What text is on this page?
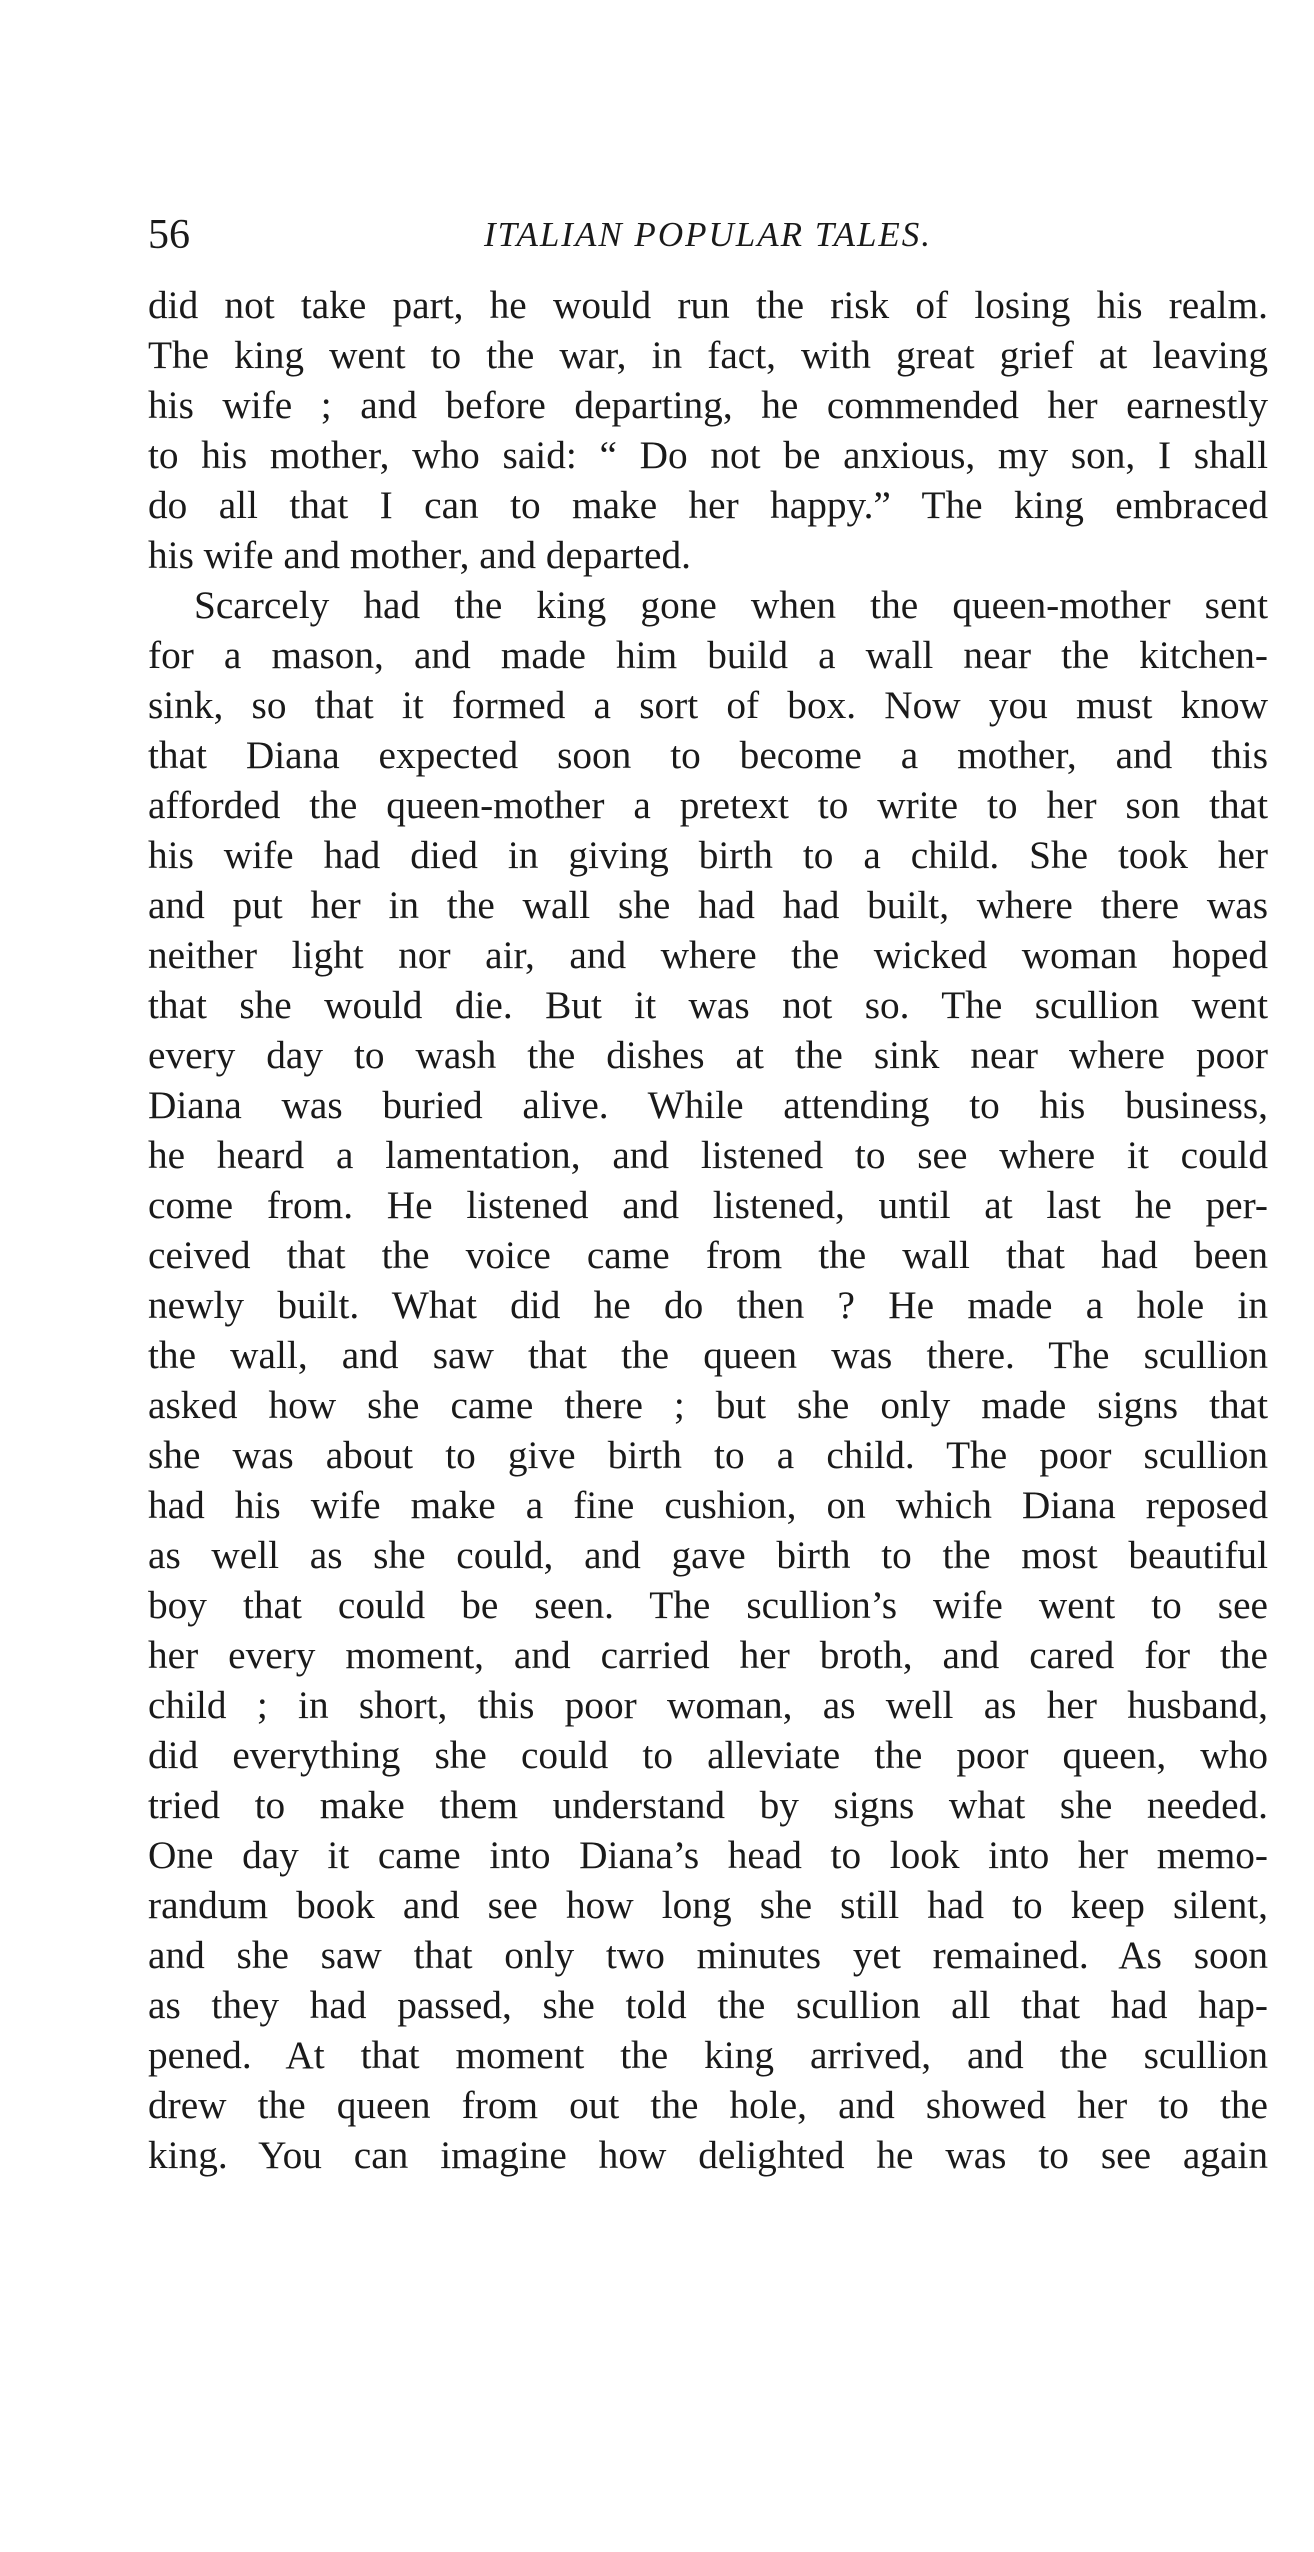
56	ITALIAN POPULAR TALES.

did not take part, he would run the risk of losing his realm.
The king went to the war, in fact, with great grief at leaving
his wife ; and before departing, he commended her earnestly
to his mother, who said: “ Do not be anxious, my son, I shall
do all that I can to make her happy.” The king embraced
his wife and mother, and departed.

Scarcely had the king gone when the queen-mother sent
for a mason, and made him build a wall near the kitchen-
sink, so that it formed a sort of box. Now you must know
that Diana expected soon to become a mother, and this
afforded the queen-mother a pretext to write to her son that
his wife had died in giving birth to a child. She took her
and put her in the wall she had had built, where there was
neither light nor air, and where the wicked woman hoped
that she would die. But it was not so. The scullion went
every day to wash the dishes at the sink near where poor
Diana was buried alive. While attending to his business,
he heard a lamentation, and listened to see where it could
come from. He listened and listened, until at last he per-
ceived that the voice came from the wall that had been
newly built. What did he do then ? He made a hole in
the wall, and saw that the queen was there. The scullion
asked how she came there ; but she only made signs that
she was about to give birth to a child. The poor scullion
had his wife make a fine cushion, on which Diana reposed
as well as she could, and gave birth to the most beautiful
boy that could be seen. The scullion’s wife went to see
her every moment, and carried her broth, and cared for the
child ; in short, this poor woman, as well as her husband,
did everything she could to alleviate the poor queen, who
tried to make them understand by signs what she needed.
One day it came into Diana’s head to look into her memo-
randum book and see how long she still had to keep silent,
and she saw that only two minutes yet remained. As soon
as they had passed, she told the scullion all that had hap-
pened. At that moment the king arrived, and the scullion
drew the queen from out the hole, and showed her to the
king. You can imagine how delighted he was to see again
